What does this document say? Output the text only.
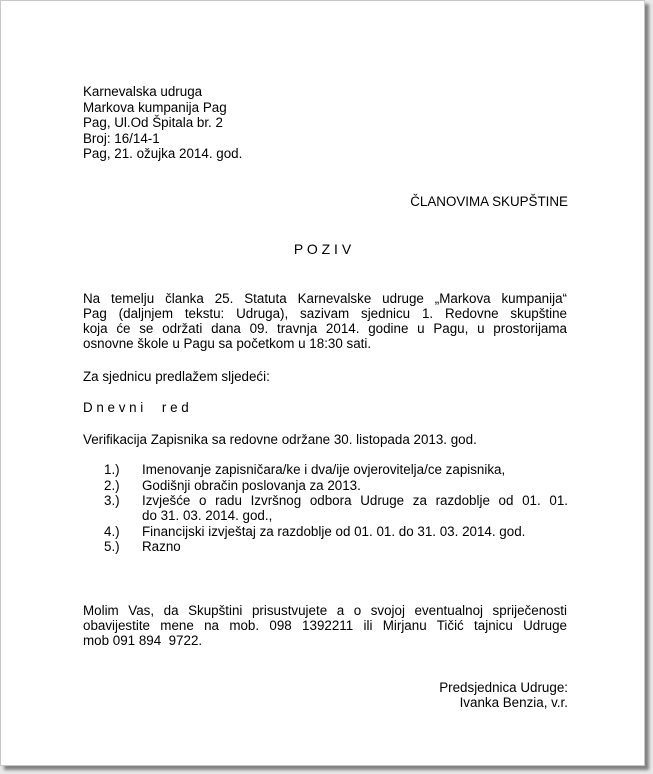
Karnevalska udruga
Markova kumpanija Pag
Pag, Ul.Od Špitala br. 2
Broj: 16/14-1
Pag, 21. ožujka 2014. god.
ČLANOVIMA SKUPŠTINE
P O Z I V
Na temelju članka 25. Statuta Karnevalske udruge „Markova kumpanija“
Pag (daljnjem tekstu: Udruga), sazivam sjednicu 1. Redovne skupštine
koja će se održati dana 09. travnja 2014. godine u Pagu, u prostorijama
osnovne škole u Pagu sa početkom u 18:30 sati.
Za sjednicu predlažem sljedeći:
D n e v n i     r e d
Verifikacija Zapisnika sa redovne održane 30. listopada 2013. god.
1.) Imenovanje zapisničara/ke i dva/ije ovjerovitelja/ce zapisnika,
2.) Godišnji obračin poslovanja za 2013.
3.) Izvješće o radu Izvršnog odbora Udruge za razdoblje od 01. 01.
do 31. 03. 2014. god.,
4.) Financijski izvještaj za razdoblje od 01. 01. do 31. 03. 2014. god.
5.) Razno
Molim Vas, da Skupštini prisustvujete a o svojoj eventualnoj spriječenosti
obavijestite mene na mob. 098 1392211 ili Mirjanu Tičić tajnicu Udruge
mob 091 894  9722.
Predsjednica Udruge:
Ivanka Benzia, v.r.
